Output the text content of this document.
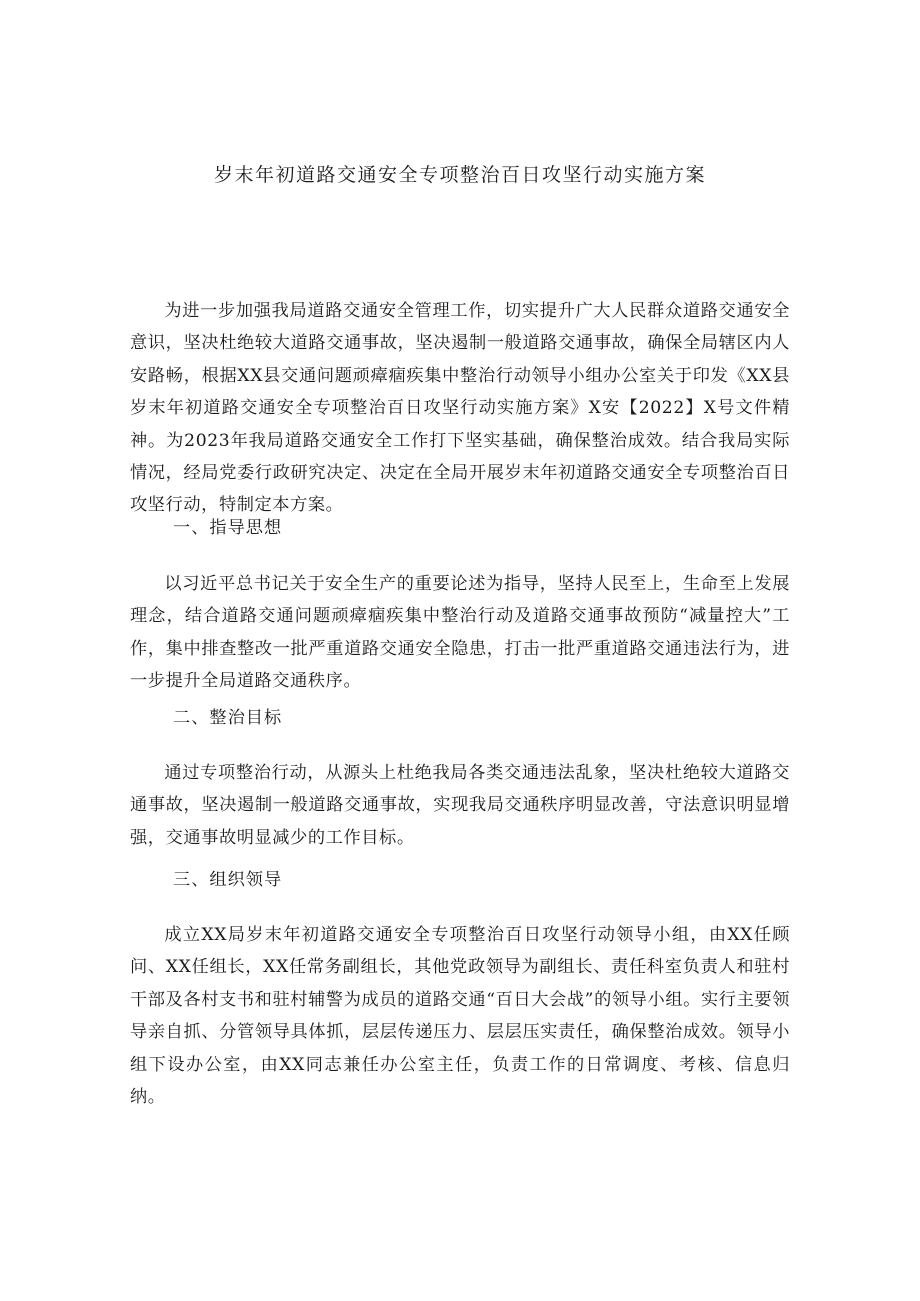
岁末年初道路交通安全专项整治百日攻坚行动实施方案

为进一步加强我局道路交通安全管理工作，切实提升广大人民群众道路交通安全意识，坚决杜绝较大道路交通事故，坚决遏制一般道路交通事故，确保全局辖区内人安路畅，根据XX县交通问题顽瘴痼疾集中整治行动领导小组办公室关于印发《XX县岁末年初道路交通安全专项整治百日攻坚行动实施方案》X安【2022】X号文件精神。为2023年我局道路交通安全工作打下坚实基础，确保整治成效。结合我局实际情况，经局党委行政研究决定、决定在全局开展岁末年初道路交通安全专项整治百日攻坚行动，特制定本方案。

一、指导思想

以习近平总书记关于安全生产的重要论述为指导，坚持人民至上，生命至上发展理念，结合道路交通问题顽瘴痼疾集中整治行动及道路交通事故预防“减量控大”工作，集中排查整改一批严重道路交通安全隐患，打击一批严重道路交通违法行为，进一步提升全局道路交通秩序。

二、整治目标

通过专项整治行动，从源头上杜绝我局各类交通违法乱象，坚决杜绝较大道路交通事故，坚决遏制一般道路交通事故，实现我局交通秩序明显改善，守法意识明显增强，交通事故明显减少的工作目标。

三、组织领导

成立XX局岁末年初道路交通安全专项整治百日攻坚行动领导小组，由XX任顾问、XX任组长，XX任常务副组长，其他党政领导为副组长、责任科室负责人和驻村干部及各村支书和驻村辅警为成员的道路交通“百日大会战”的领导小组。实行主要领导亲自抓、分管领导具体抓，层层传递压力、层层压实责任，确保整治成效。领导小组下设办公室，由XX同志兼任办公室主任，负责工作的日常调度、考核、信息归纳。
